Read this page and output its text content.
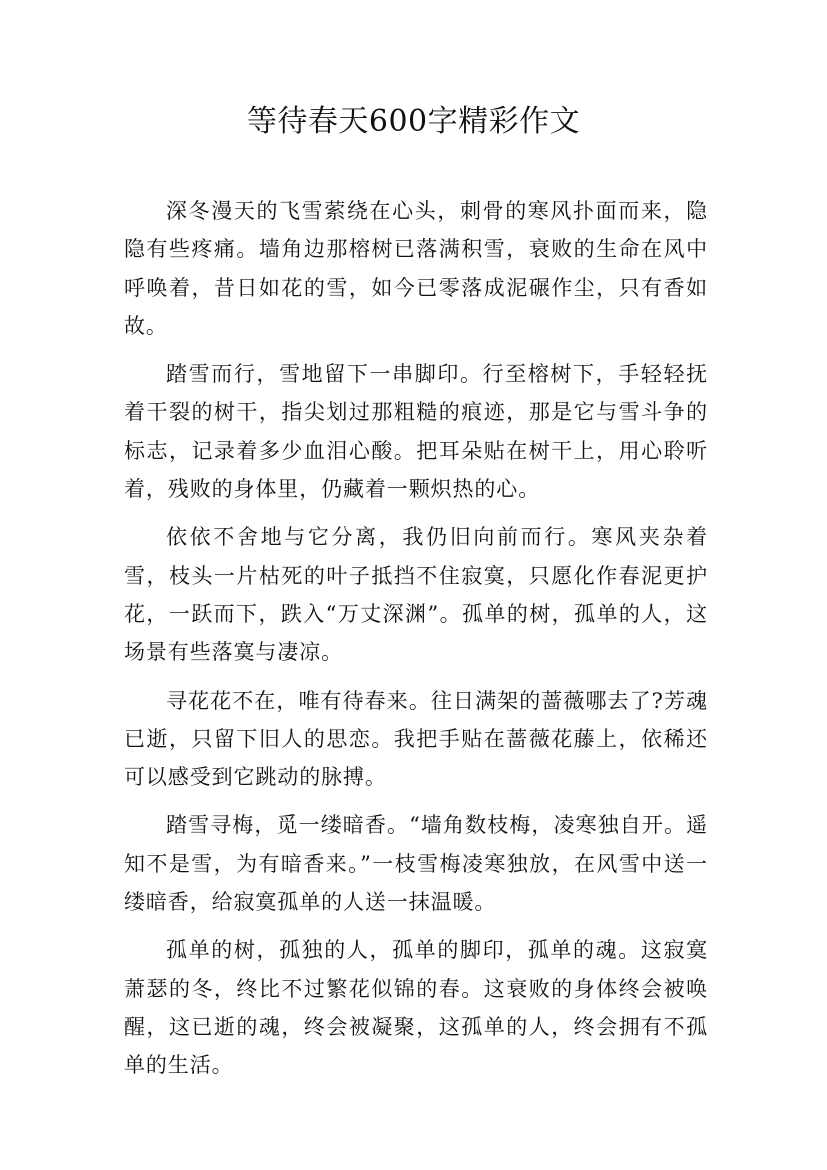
等待春天600字精彩作文

深冬漫天的飞雪萦绕在心头，刺骨的寒风扑面而来，隐隐有些疼痛。墙角边那榕树已落满积雪，衰败的生命在风中呼唤着，昔日如花的雪，如今已零落成泥碾作尘，只有香如故。

踏雪而行，雪地留下一串脚印。行至榕树下，手轻轻抚着干裂的树干，指尖划过那粗糙的痕迹，那是它与雪斗争的标志，记录着多少血泪心酸。把耳朵贴在树干上，用心聆听着，残败的身体里，仍藏着一颗炽热的心。

依依不舍地与它分离，我仍旧向前而行。寒风夹杂着雪，枝头一片枯死的叶子抵挡不住寂寞，只愿化作春泥更护花，一跃而下，跌入“万丈深渊”。孤单的树，孤单的人，这场景有些落寞与凄凉。

寻花花不在，唯有待春来。往日满架的蔷薇哪去了?芳魂已逝，只留下旧人的思恋。我把手贴在蔷薇花藤上，依稀还可以感受到它跳动的脉搏。

踏雪寻梅，觅一缕暗香。“墙角数枝梅，凌寒独自开。遥知不是雪，为有暗香来。”一枝雪梅凌寒独放，在风雪中送一缕暗香，给寂寞孤单的人送一抹温暖。

孤单的树，孤独的人，孤单的脚印，孤单的魂。这寂寞萧瑟的冬，终比不过繁花似锦的春。这衰败的身体终会被唤醒，这已逝的魂，终会被凝聚，这孤单的人，终会拥有不孤单的生活。
